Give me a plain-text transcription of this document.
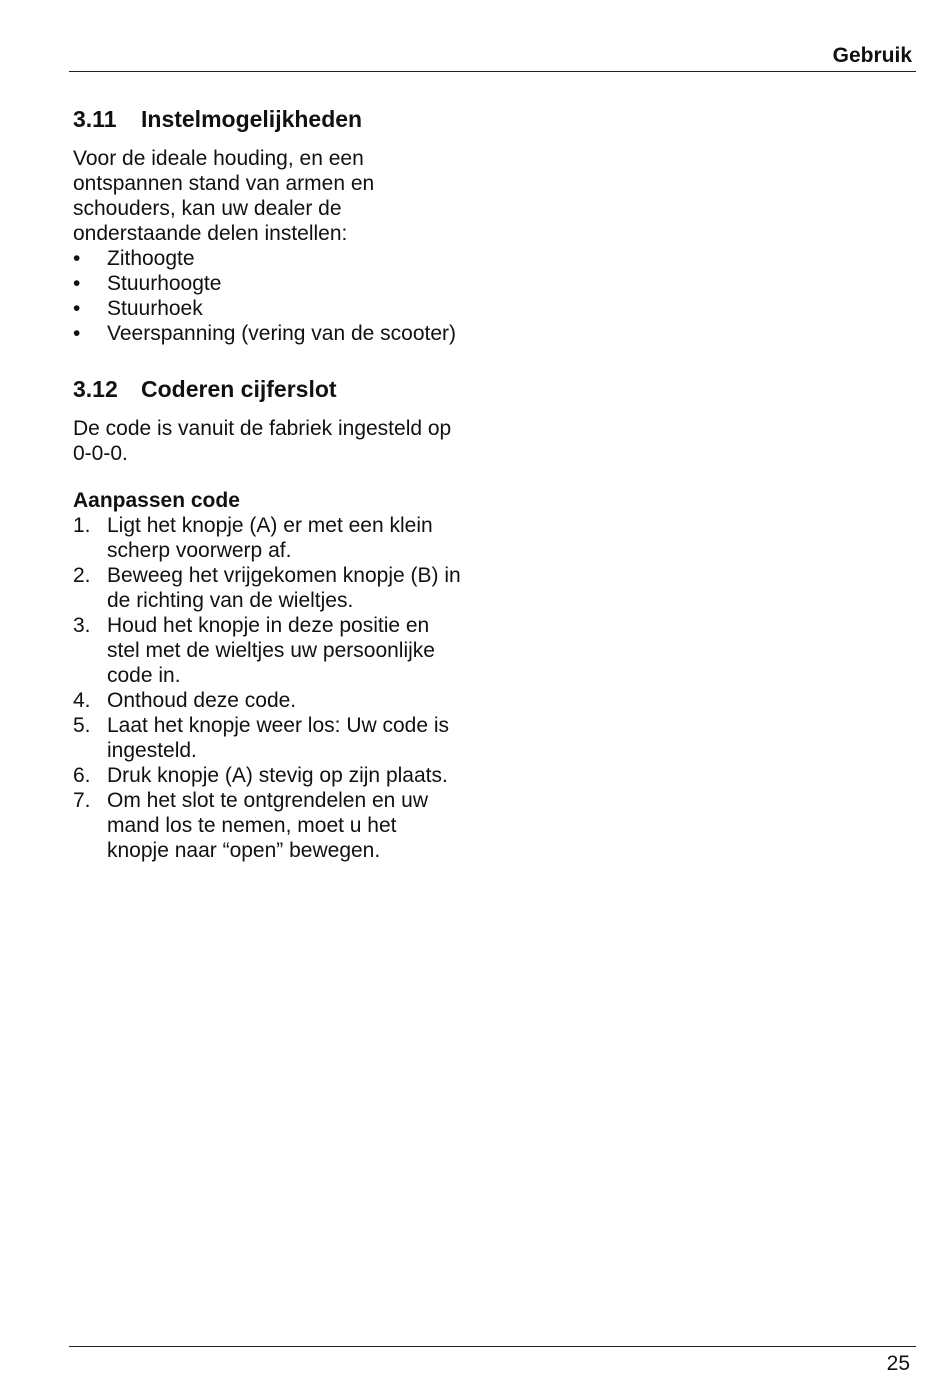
Gebruik
3.11	Instelmogelijkheden

Voor de ideale houding, en een ontspannen stand van armen en schouders, kan uw dealer de onderstaande delen instellen:

• Zithoogte
• Stuurhoogte
• Stuurhoek
• Veerspanning (vering van de scooter)
3.12	Coderen cijferslot

De code is vanuit de fabriek ingesteld op 0-0-0.

Aanpassen code
1. Ligt het knopje (A) er met een klein scherp voorwerp af.
2. Beweeg het vrijgekomen knopje (B) in de richting van de wieltjes.
3. Houd het knopje in deze positie en stel met de wieltjes uw persoonlijke code in.
4. Onthoud deze code.
5. Laat het knopje weer los: Uw code is ingesteld.
6. Druk knopje (A) stevig op zijn plaats.
7. Om het slot te ontgrendelen en uw mand los te nemen, moet u het knopje naar “open” bewegen.
25
